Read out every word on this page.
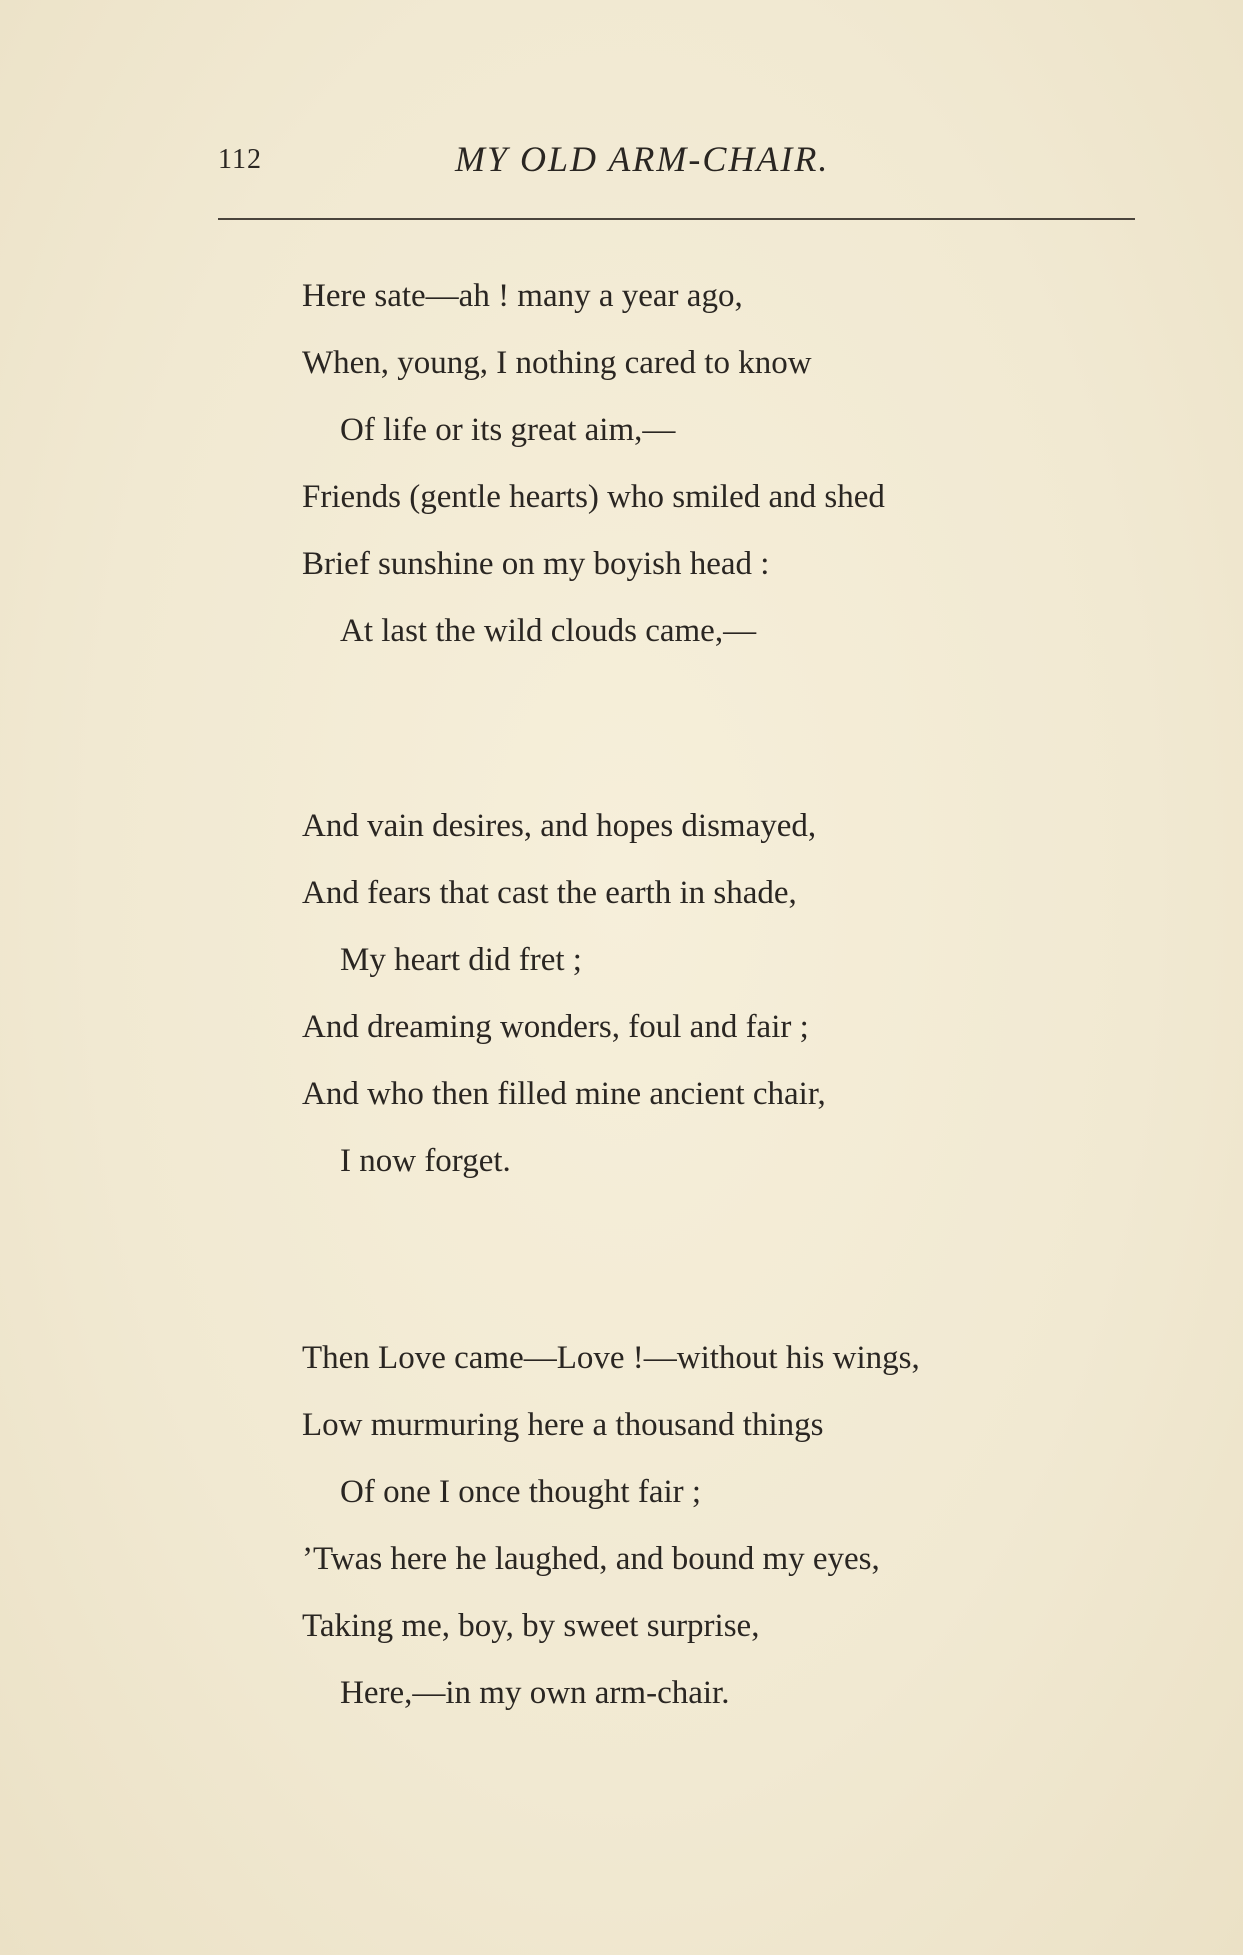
112	MY OLD ARM-CHAIR.
Here sate—ah ! many a year ago,
When, young, I nothing cared to know
Of life or its great aim,—
Friends (gentle hearts) who smiled and shed
Brief sunshine on my boyish head :
At last the wild clouds came,—
And vain desires, and hopes dismayed,
And fears that cast the earth in shade,
My heart did fret ;
And dreaming wonders, foul and fair ;
And who then filled mine ancient chair,
I now forget.
Then Love came—Love !—without his wings,
Low murmuring here a thousand things
Of one I once thought fair ;
’Twas here he laughed, and bound my eyes,
Taking me, boy, by sweet surprise,
Here,—in my own arm-chair.
